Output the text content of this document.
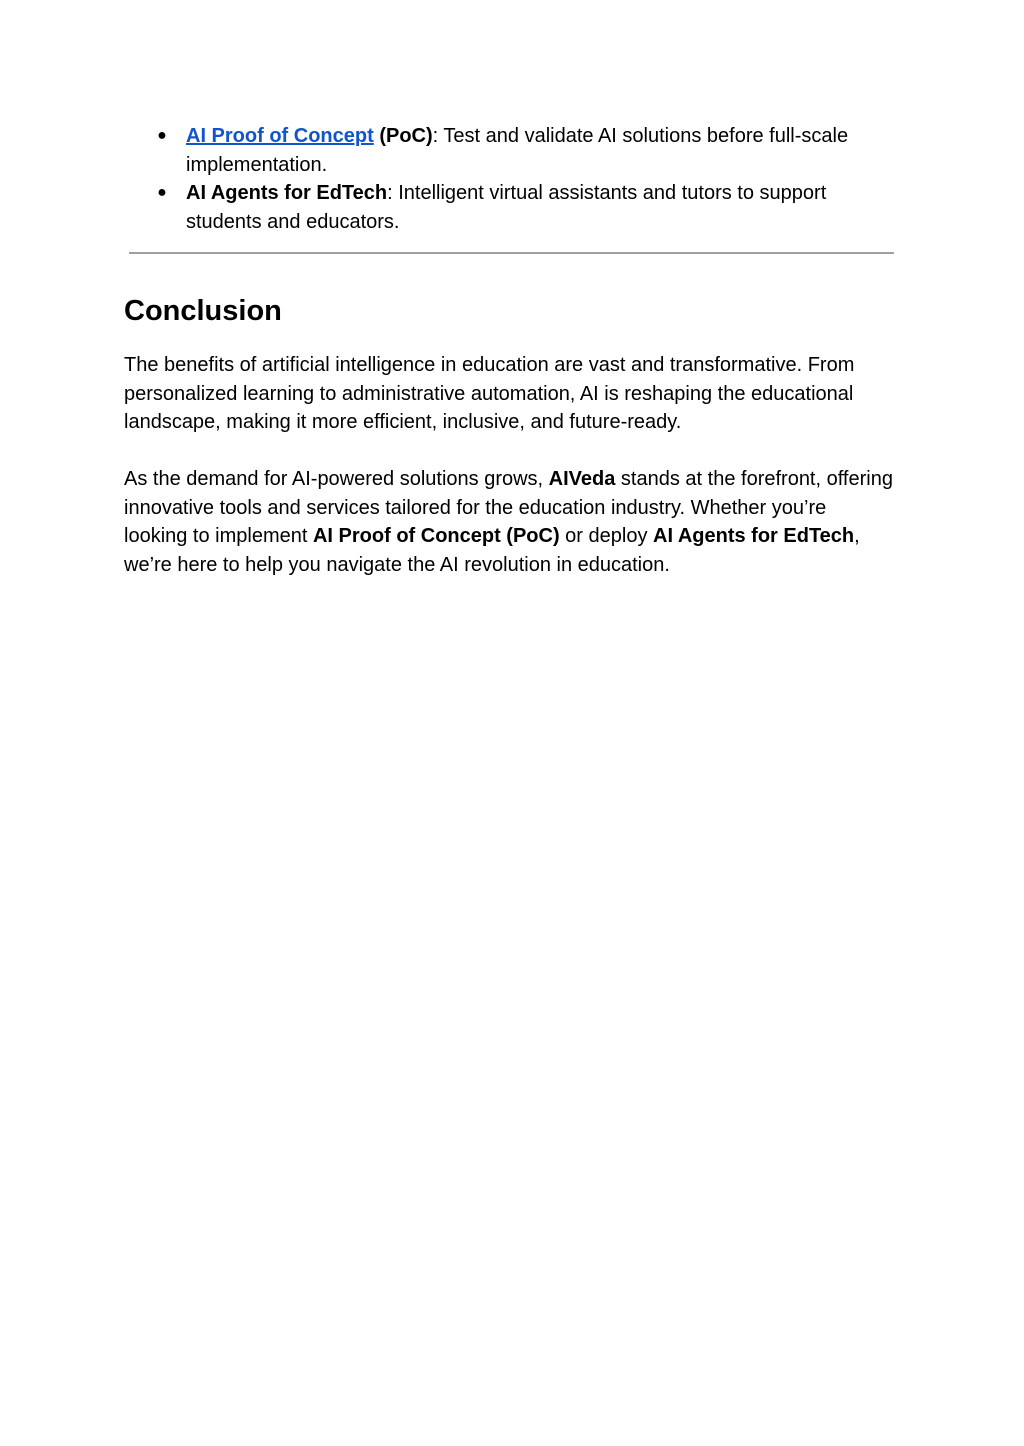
● AI Proof of Concept (PoC): Test and validate AI solutions before full-scale implementation.
● AI Agents for EdTech: Intelligent virtual assistants and tutors to support students and educators.
Conclusion

The benefits of artificial intelligence in education are vast and transformative. From personalized learning to administrative automation, AI is reshaping the educational landscape, making it more efficient, inclusive, and future-ready.

As the demand for AI-powered solutions grows, AIVeda stands at the forefront, offering innovative tools and services tailored for the education industry. Whether you’re looking to implement AI Proof of Concept (PoC) or deploy AI Agents for EdTech, we’re here to help you navigate the AI revolution in education.
